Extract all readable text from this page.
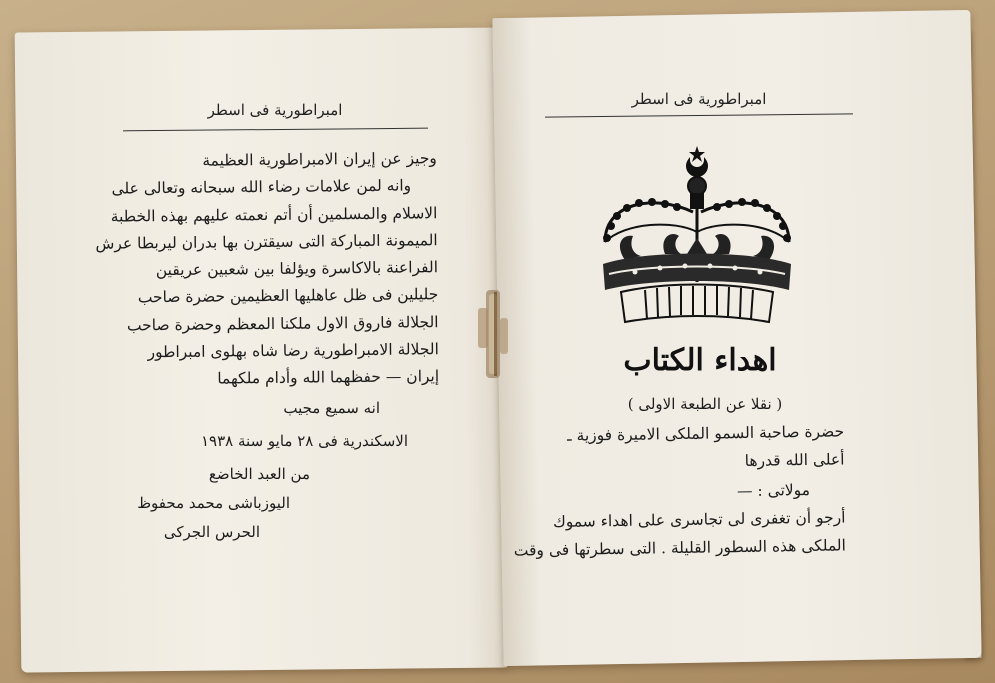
امبراطورية فى اسطر
وجيز عن إيران الامبراطورية العظيمة
وانه لمن علامات رضاء الله سبحانه وتعالى على
الاسلام والمسلمين أن أتم نعمته عليهم بهذه الخطبة
الميمونة المباركة التى سيقترن بها بدران ليربطا عرش
الفراعنة بالاكاسرة ويؤلفا بين شعبين عريقين
جليلين فى ظل عاهليها العظيمين حضرة صاحب
الجلالة فاروق الاول ملكنا المعظم وحضرة صاحب
الجلالة الامبراطورية رضا شاه بهلوى امبراطور
إيران — حفظهما الله وأدام ملكهما
انه سميع مجيب
الاسكندرية فى ٢٨ مايو سنة ١٩٣٨
من العبد الخاضع
اليوزباشى محمد محفوظ
الحرس الجركى
امبراطورية فى اسطر
اهداء الكتاب
( نقلا عن الطبعة الاولى )
حضرة صاحبة السمو الملكى الاميرة فوزية ـ
أعلى الله قدرها
مولاتى : —
أرجو أن تغفرى لى تجاسرى على اهداء سموك
الملكى هذه السطور القليلة . التى سطرتها فى وقت
